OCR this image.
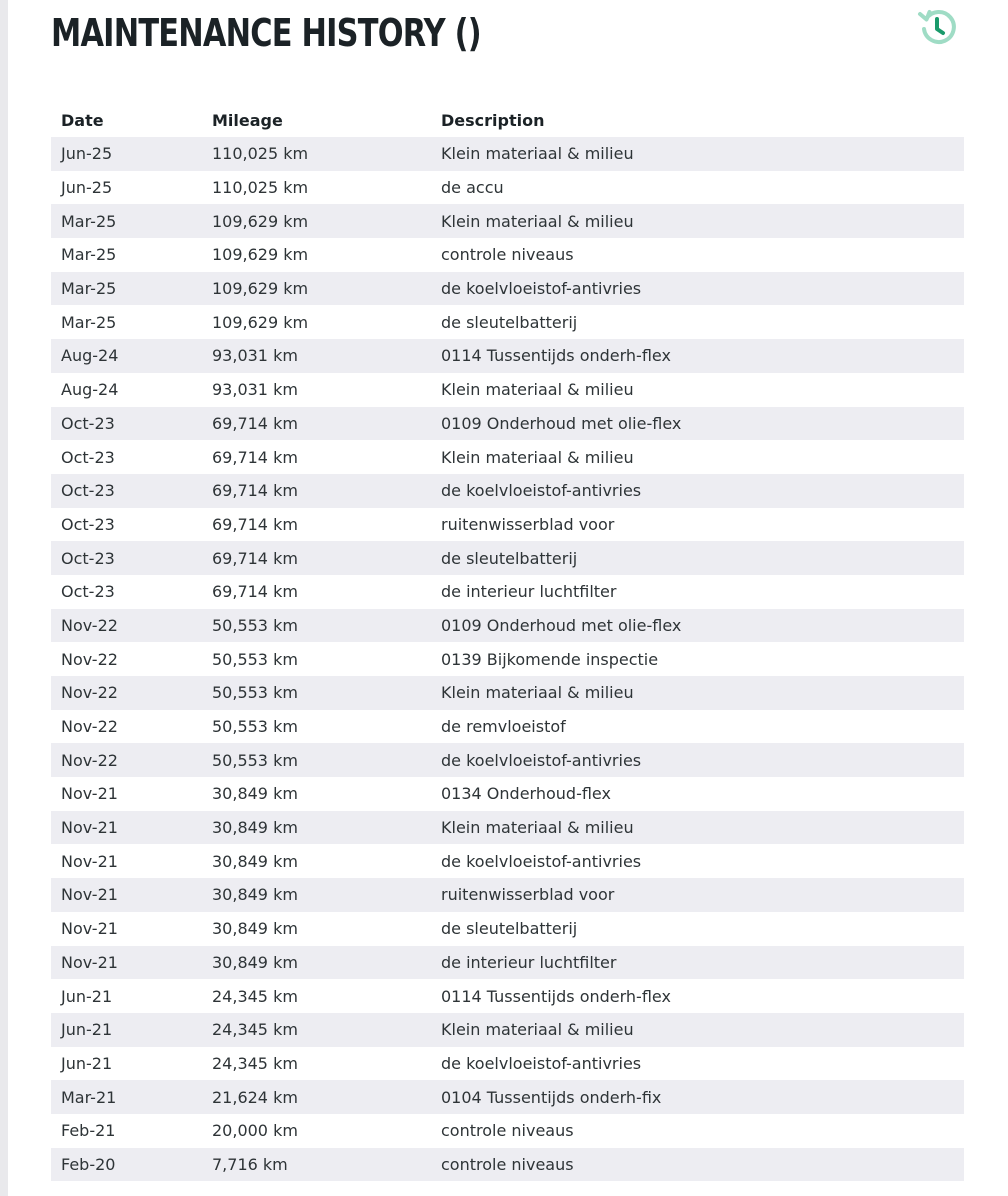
MAINTENANCE HISTORY ()
Date	Mileage	Description
Jun-25	110,025 km	Klein materiaal & milieu
Jun-25	110,025 km	de accu
Mar-25	109,629 km	Klein materiaal & milieu
Mar-25	109,629 km	controle niveaus
Mar-25	109,629 km	de koelvloeistof-antivries
Mar-25	109,629 km	de sleutelbatterij
Aug-24	93,031 km	0114 Tussentijds onderh-flex
Aug-24	93,031 km	Klein materiaal & milieu
Oct-23	69,714 km	0109 Onderhoud met olie-flex
Oct-23	69,714 km	Klein materiaal & milieu
Oct-23	69,714 km	de koelvloeistof-antivries
Oct-23	69,714 km	ruitenwisserblad voor
Oct-23	69,714 km	de sleutelbatterij
Oct-23	69,714 km	de interieur luchtfilter
Nov-22	50,553 km	0109 Onderhoud met olie-flex
Nov-22	50,553 km	0139 Bijkomende inspectie
Nov-22	50,553 km	Klein materiaal & milieu
Nov-22	50,553 km	de remvloeistof
Nov-22	50,553 km	de koelvloeistof-antivries
Nov-21	30,849 km	0134 Onderhoud-flex
Nov-21	30,849 km	Klein materiaal & milieu
Nov-21	30,849 km	de koelvloeistof-antivries
Nov-21	30,849 km	ruitenwisserblad voor
Nov-21	30,849 km	de sleutelbatterij
Nov-21	30,849 km	de interieur luchtfilter
Jun-21	24,345 km	0114 Tussentijds onderh-flex
Jun-21	24,345 km	Klein materiaal & milieu
Jun-21	24,345 km	de koelvloeistof-antivries
Mar-21	21,624 km	0104 Tussentijds onderh-fix
Feb-21	20,000 km	controle niveaus
Feb-20	7,716 km	controle niveaus
